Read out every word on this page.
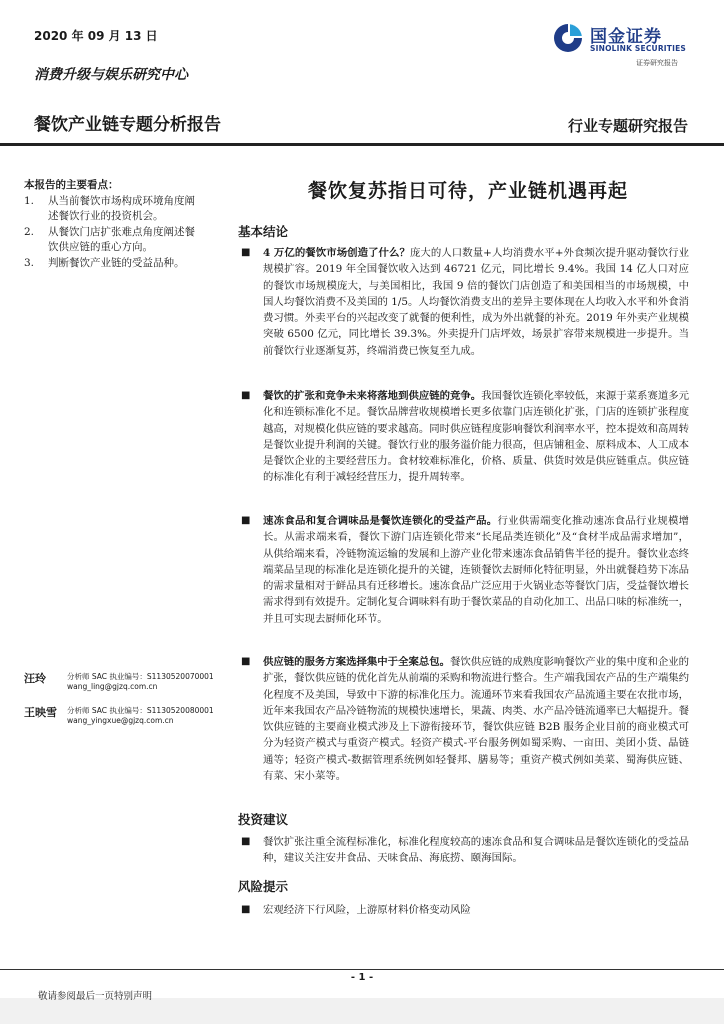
2020 年 09 月 13 日	国金证券
SINOLINK SECURITIES
证券研究报告
消费升级与娱乐研究中心
餐饮产业链专题分析报告	行业专题研究报告
本报告的主要看点：
1.	从当前餐饮市场构成环境角度阐述餐饮行业的投资机会。
2.	从餐饮门店扩张难点角度阐述餐饮供应链的重心方向。
3.	判断餐饮产业链的受益品种。
汪玲	分析师 SAC 执业编号：S1130520070001
wang_ling@gjzq.com.cn
王映雪 分析师 SAC 执业编号：S1130520080001
wang_yingxue@gjzq.com.cn
餐饮复苏指日可待，产业链机遇再起
基本结论
■	4 万亿的餐饮市场创造了什么？庞大的人口数量+人均消费水平+外食频次提升驱动餐饮行业规模扩容。2019 年全国餐饮收入达到 46721 亿元，同比增长 9.4%。我国 14 亿人口对应的餐饮市场规模庞大，与美国相比，我国 9 倍的餐饮门店创造了和美国相当的市场规模，中国人均餐饮消费不及美国的 1/5。人均餐饮消费支出的差异主要体现在人均收入水平和外食消费习惯。外卖平台的兴起改变了就餐的便利性，成为外出就餐的补充。2019 年外卖产业规模突破 6500 亿元，同比增长 39.3%。外卖提升门店坪效，场景扩容带来规模进一步提升。当前餐饮行业逐渐复苏，终端消费已恢复至九成。
■	餐饮的扩张和竞争未来将落地到供应链的竞争。我国餐饮连锁化率较低，来源于菜系赛道多元化和连锁标准化不足。餐饮品牌营收规模增长更多依靠门店连锁化扩张，门店的连锁扩张程度越高，对规模化供应链的要求越高。同时供应链程度影响餐饮利润率水平，控本提效和高周转是餐饮业提升利润的关键。餐饮行业的服务溢价能力很高，但店铺租金、原料成本、人工成本是餐饮企业的主要经营压力。食材较难标准化，价格、质量、供货时效是供应链重点。供应链的标准化有利于减轻经营压力，提升周转率。
■	速冻食品和复合调味品是餐饮连锁化的受益产品。行业供需端变化推动速冻食品行业规模增长。从需求端来看，餐饮下游门店连锁化带来“长尾品类连锁化”及“食材半成品需求增加”，从供给端来看，冷链物流运输的发展和上游产业化带来速冻食品销售半径的提升。餐饮业态终端菜品呈现的标准化是连锁化提升的关键，连锁餐饮去厨师化特征明显，外出就餐趋势下冻品的需求量相对于鲜品具有迁移增长。速冻食品广泛应用于火锅业态等餐饮门店，受益餐饮增长需求得到有效提升。定制化复合调味料有助于餐饮菜品的自动化加工、出品口味的标准统一，并且可实现去厨师化环节。
■	供应链的服务方案选择集中于全案总包。餐饮供应链的成熟度影响餐饮产业的集中度和企业的扩张，餐饮供应链的优化首先从前端的采购和物流进行整合。生产端我国农产品的生产端集约化程度不及美国，导致中下游的标准化压力。流通环节来看我国农产品流通主要在农批市场，近年来我国农产品冷链物流的规模快速增长，果蔬、肉类、水产品冷链流通率已大幅提升。餐饮供应链的主要商业模式涉及上下游衔接环节，餐饮供应链 B2B 服务企业目前的商业模式可分为轻资产模式与重资产模式。轻资产模式-平台服务例如蜀采购、一亩田、美团小货、晶链通等；轻资产模式-数据管理系统例如轻餐邦、膳易等；重资产模式例如美菜、蜀海供应链、有菜、宋小菜等。
投资建议
■	餐饮扩张注重全流程标准化，标准化程度较高的速冻食品和复合调味品是餐饮连锁化的受益品种，建议关注安井食品、天味食品、海底捞、颐海国际。
风险提示
■	宏观经济下行风险，上游原材料价格变动风险
- 1 -
敬请参阅最后一页特别声明
